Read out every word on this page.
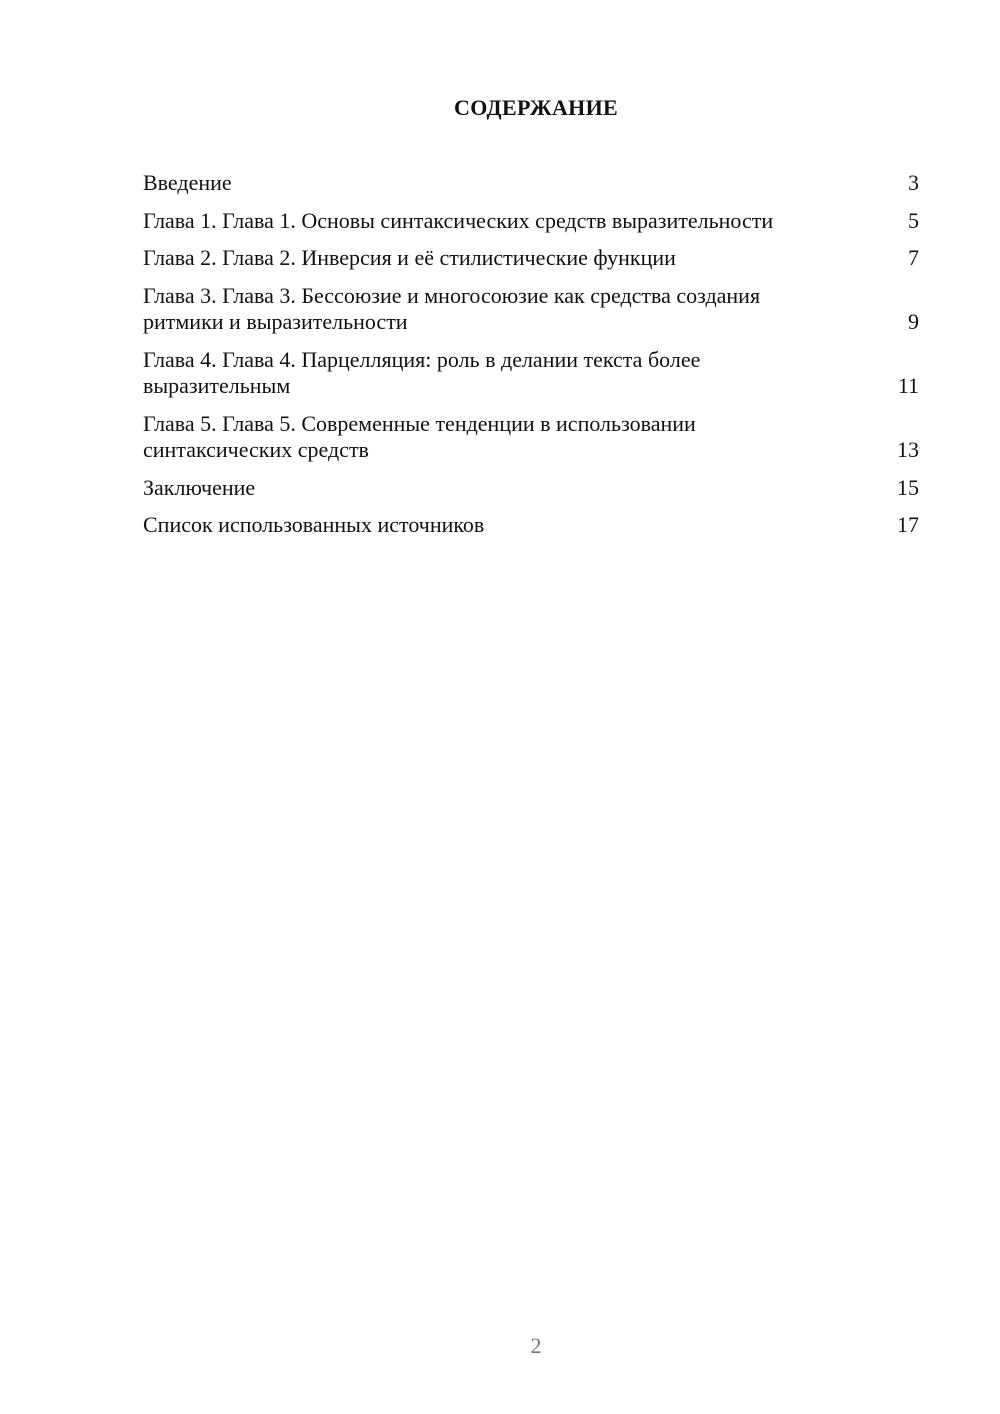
СОДЕРЖАНИЕ
Введение	3
Глава 1. Глава 1. Основы синтаксических средств выразительности	5
Глава 2. Глава 2. Инверсия и её стилистические функции	7
Глава 3. Глава 3. Бессоюзие и многосоюзие как средства создания ритмики и выразительности	9
Глава 4. Глава 4. Парцелляция: роль в делании текста более выразительным	11
Глава 5. Глава 5. Современные тенденции в использовании синтаксических средств	13
Заключение	15
Список использованных источников	17
2
